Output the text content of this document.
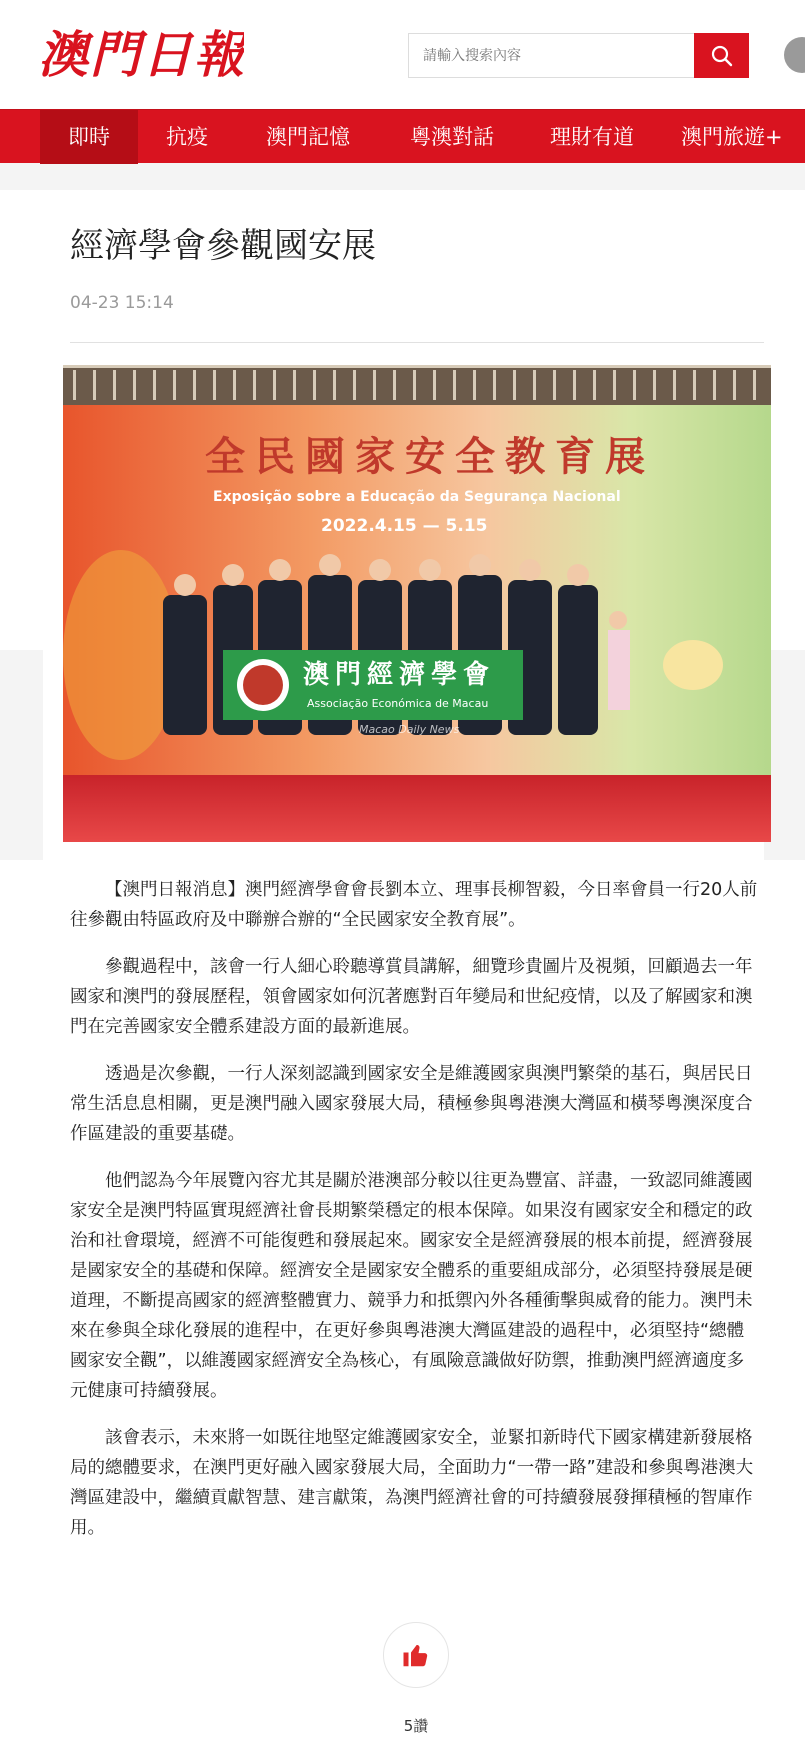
澳門日報
請輸入搜索內容
即時	抗疫	澳門記憶	粵澳對話	理財有道	澳門旅遊+
經濟學會參觀國安展
04-23 15:14
全民國家安全教育展
Exposição sobre a Educação da Segurança Nacional
2022.4.15 — 5.15
澳門經濟學會
Associação Económica de Macau
Macao Daily News

【澳門日報消息】澳門經濟學會會長劉本立、理事長柳智毅，今日率會員一行20人前往參觀由特區政府及中聯辦合辦的“全民國家安全教育展”。

參觀過程中，該會一行人細心聆聽導賞員講解，細覽珍貴圖片及視頻，回顧過去一年國家和澳門的發展歷程，領會國家如何沉著應對百年變局和世紀疫情，以及了解國家和澳門在完善國家安全體系建設方面的最新進展。

透過是次參觀，一行人深刻認識到國家安全是維護國家與澳門繁榮的基石，與居民日常生活息息相關，更是澳門融入國家發展大局，積極參與粵港澳大灣區和橫琴粵澳深度合作區建設的重要基礎。

他們認為今年展覽內容尤其是關於港澳部分較以往更為豐富、詳盡，一致認同維護國家安全是澳門特區實現經濟社會長期繁榮穩定的根本保障。如果沒有國家安全和穩定的政治和社會環境，經濟不可能復甦和發展起來。國家安全是經濟發展的根本前提，經濟發展是國家安全的基礎和保障。經濟安全是國家安全體系的重要組成部分，必須堅持發展是硬道理，不斷提高國家的經濟整體實力、競爭力和抵禦內外各種衝擊與威脅的能力。澳門未來在參與全球化發展的進程中，在更好參與粵港澳大灣區建設的過程中，必須堅持“總體國家安全觀”，以維護國家經濟安全為核心，有風險意識做好防禦，推動澳門經濟適度多元健康可持續發展。

該會表示，未來將一如既往地堅定維護國家安全，並緊扣新時代下國家構建新發展格局的總體要求，在澳門更好融入國家發展大局，全面助力“一帶一路”建設和參與粵港澳大灣區建設中，繼續貢獻智慧、建言獻策，為澳門經濟社會的可持續發展發揮積極的智庫作用。

5讚
